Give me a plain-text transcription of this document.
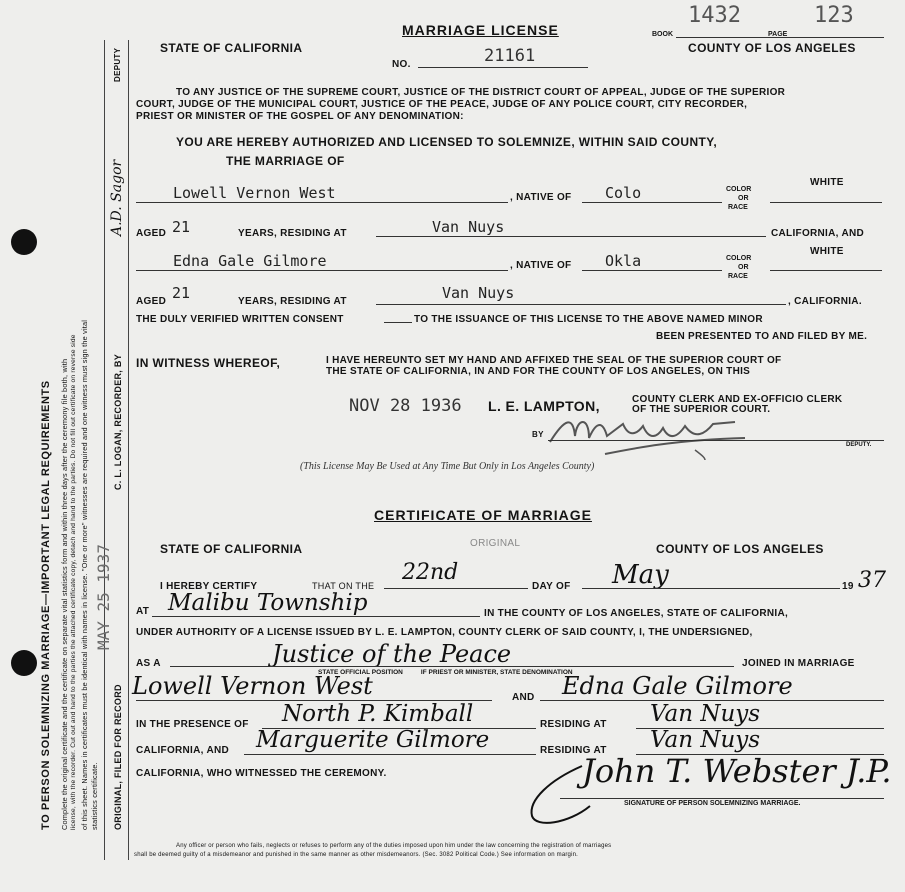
TO PERSON SOLEMNIZING MARRIAGE—IMPORTANT LEGAL REQUIREMENTS Complete the original certificate and the certificate on separate vital statistics form and within three days after the ceremony file both, with license, with the recorder. Cut out and hand to the parties the attached certificate copy, detach and hand to the parties. Do not fill out certificate on reverse side of this sheet. Names in certificates must be identical with names in license. "One or more" witnesses are required and one witness must sign the vital statistics certificate.
MAY 25 1937
ORIGINAL, FILED FOR RECORD
C. L. LOGAN, RECORDER, BY
A.D. Sagor
DEPUTY
MARRIAGE LICENSE
STATE OF CALIFORNIA
NO.	21161
BOOK
1432
PAGE
123
COUNTY OF LOS ANGELES
TO ANY JUSTICE OF THE SUPREME COURT, JUSTICE OF THE DISTRICT COURT OF APPEAL, JUDGE OF THE SUPERIOR
COURT, JUDGE OF THE MUNICIPAL COURT, JUSTICE OF THE PEACE, JUDGE OF ANY POLICE COURT, CITY RECORDER,
PRIEST OR MINISTER OF THE GOSPEL OF ANY DENOMINATION:
YOU ARE HEREBY AUTHORIZED AND LICENSED TO SOLEMNIZE, WITHIN SAID COUNTY,
THE MARRIAGE OF
Lowell Vernon West	, NATIVE OF Colo	COLOR
OR
RACE
WHITE
AGED 21	YEARS, RESIDING AT	Van Nuys	CALIFORNIA, AND
Edna Gale Gilmore	, NATIVE OF Okla	COLOR
OR
RACE
WHITE
AGED 21	YEARS, RESIDING AT	Van Nuys	, CALIFORNIA.
THE DULY VERIFIED WRITTEN CONSENT	TO THE ISSUANCE OF THIS LICENSE TO THE ABOVE NAMED MINOR
BEEN PRESENTED TO AND FILED BY ME.
IN WITNESS WHEREOF,	I HAVE HEREUNTO SET MY HAND AND AFFIXED THE SEAL OF THE SUPERIOR COURT OF
THE STATE OF CALIFORNIA, IN AND FOR THE COUNTY OF LOS ANGELES, ON THIS
NOV 28 1936 L. E. LAMPTON,	COUNTY CLERK AND EX-OFFICIO CLERK
OF THE SUPERIOR COURT.
BY
DEPUTY.
(This License May Be Used at Any Time But Only in Los Angeles County)
CERTIFICATE OF MARRIAGE
ORIGINAL
STATE OF CALIFORNIA	COUNTY OF LOS ANGELES
I HEREBY CERTIFY	THAT ON THE
22nd
DAY OF May	19 37
AT Malibu Township	IN THE COUNTY OF LOS ANGELES, STATE OF CALIFORNIA,
UNDER AUTHORITY OF A LICENSE ISSUED BY L. E. LAMPTON, COUNTY CLERK OF SAID COUNTY, I, THE UNDERSIGNED,
AS A	Justice of the Peace	JOINED IN MARRIAGE
STATE OFFICIAL POSITION          IF PRIEST OR MINISTER, STATE DENOMINATION
Lowell Vernon West	AND Edna Gale Gilmore
IN THE PRESENCE OF North P. Kimball	RESIDING AT Van Nuys
CALIFORNIA, AND Marguerite Gilmore	RESIDING AT Van Nuys
CALIFORNIA, WHO WITNESSED THE CEREMONY.	John T. Webster J.P.
SIGNATURE OF PERSON SOLEMNIZING MARRIAGE.
Any officer or person who fails, neglects or refuses to perform any of the duties imposed upon him under the law concerning the registration of marriages
shall be deemed guilty of a misdemeanor and punished in the same manner as other misdemeanors. (Sec. 3082 Political Code.) See information on margin.
